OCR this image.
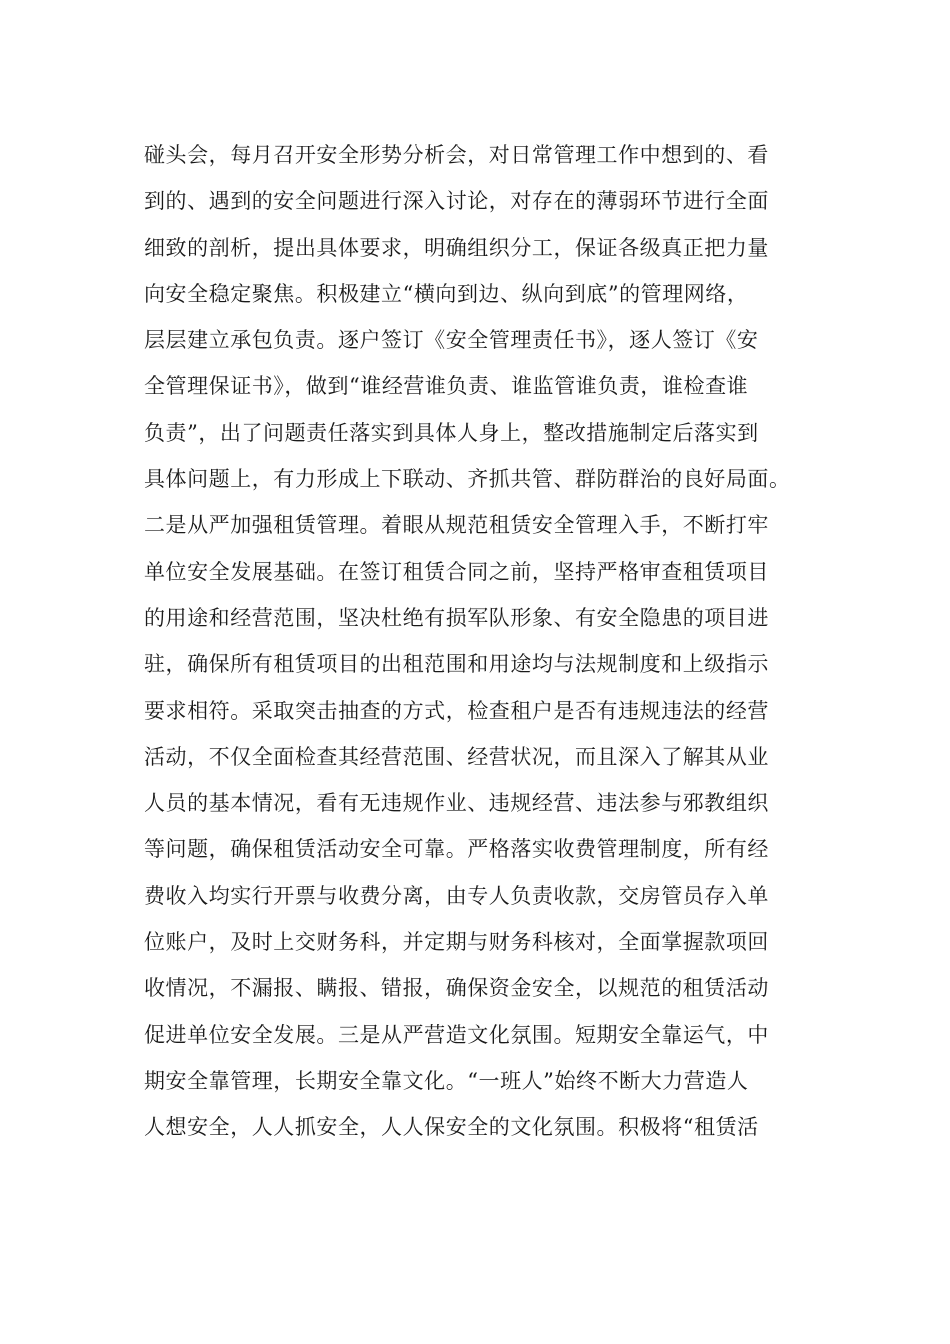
碰头会，每月召开安全形势分析会，对日常管理工作中想到的、看
到的、遇到的安全问题进行深入讨论，对存在的薄弱环节进行全面
细致的剖析，提出具体要求，明确组织分工，保证各级真正把力量
向安全稳定聚焦。积极建立“横向到边、纵向到底”的管理网络，
层层建立承包负责。逐户签订《安全管理责任书》，逐人签订《安
全管理保证书》，做到“谁经营谁负责、谁监管谁负责，谁检查谁
负责”，出了问题责任落实到具体人身上，整改措施制定后落实到
具体问题上，有力形成上下联动、齐抓共管、群防群治的良好局面。
二是从严加强租赁管理。着眼从规范租赁安全管理入手，不断打牢
单位安全发展基础。在签订租赁合同之前，坚持严格审查租赁项目
的用途和经营范围，坚决杜绝有损军队形象、有安全隐患的项目进
驻，确保所有租赁项目的出租范围和用途均与法规制度和上级指示
要求相符。采取突击抽查的方式，检查租户是否有违规违法的经营
活动，不仅全面检查其经营范围、经营状况，而且深入了解其从业
人员的基本情况，看有无违规作业、违规经营、违法参与邪教组织
等问题，确保租赁活动安全可靠。严格落实收费管理制度，所有经
费收入均实行开票与收费分离，由专人负责收款，交房管员存入单
位账户，及时上交财务科，并定期与财务科核对，全面掌握款项回
收情况，不漏报、瞒报、错报，确保资金安全，以规范的租赁活动
促进单位安全发展。三是从严营造文化氛围。短期安全靠运气，中
期安全靠管理，长期安全靠文化。“一班人”始终不断大力营造人
人想安全，人人抓安全，人人保安全的文化氛围。积极将“租赁活
